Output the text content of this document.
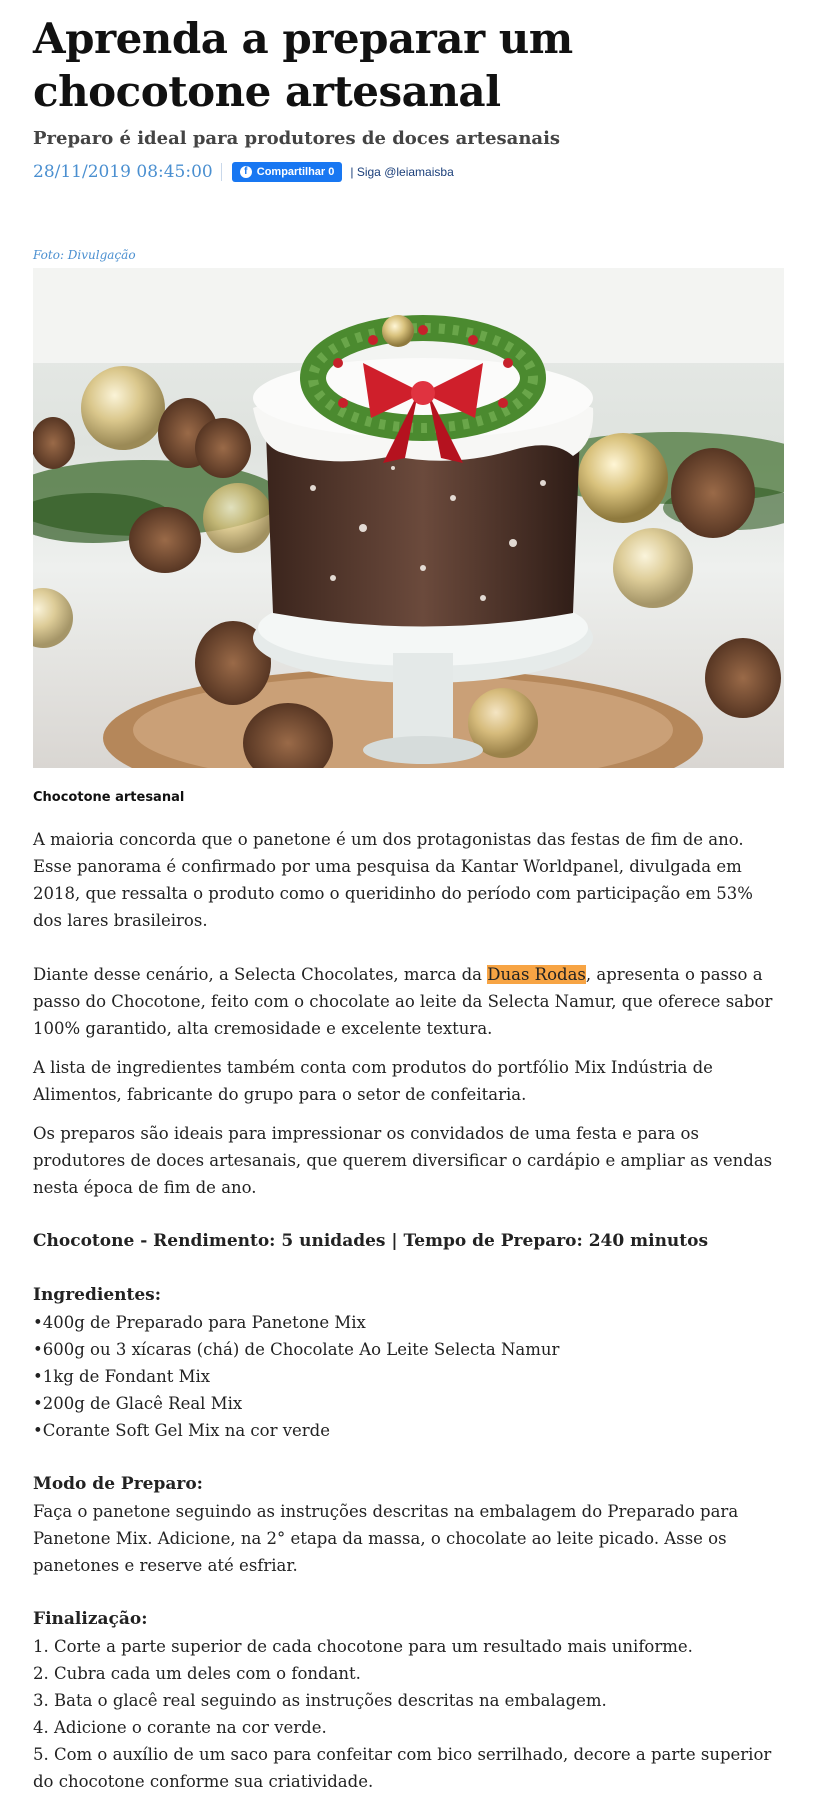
Aprenda a preparar um chocotone artesanal
Preparo é ideal para produtores de doces artesanais
28/11/2019 08:45:00	f Compartilhar 0 | Siga @leiamaisba
Foto: Divulgação
Chocotone artesanal

A maioria concorda que o panetone é um dos protagonistas das festas de fim de ano. Esse panorama é confirmado por uma pesquisa da Kantar Worldpanel, divulgada em 2018, que ressalta o produto como o queridinho do período com participação em 53% dos lares brasileiros.

Diante desse cenário, a Selecta Chocolates, marca da Duas Rodas, apresenta o passo a passo do Chocotone, feito com o chocolate ao leite da Selecta Namur, que oferece sabor 100% garantido, alta cremosidade e excelente textura.

A lista de ingredientes também conta com produtos do portfólio Mix Indústria de Alimentos, fabricante do grupo para o setor de confeitaria.

Os preparos são ideais para impressionar os convidados de uma festa e para os produtores de doces artesanais, que querem diversificar o cardápio e ampliar as vendas nesta época de fim de ano.

Chocotone - Rendimento: 5 unidades | Tempo de Preparo: 240 minutos

Ingredientes:

•400g de Preparado para Panetone Mix

•600g ou 3 xícaras (chá) de Chocolate Ao Leite Selecta Namur

•1kg de Fondant Mix

•200g de Glacê Real Mix

•Corante Soft Gel Mix na cor verde

Modo de Preparo:

Faça o panetone seguindo as instruções descritas na embalagem do Preparado para Panetone Mix. Adicione, na 2° etapa da massa, o chocolate ao leite picado. Asse os panetones e reserve até esfriar.

Finalização:

1. Corte a parte superior de cada chocotone para um resultado mais uniforme.

2. Cubra cada um deles com o fondant.

3. Bata o glacê real seguindo as instruções descritas na embalagem.

4. Adicione o corante na cor verde.

5. Com o auxílio de um saco para confeitar com bico serrilhado, decore a parte superior do chocotone conforme sua criatividade.
